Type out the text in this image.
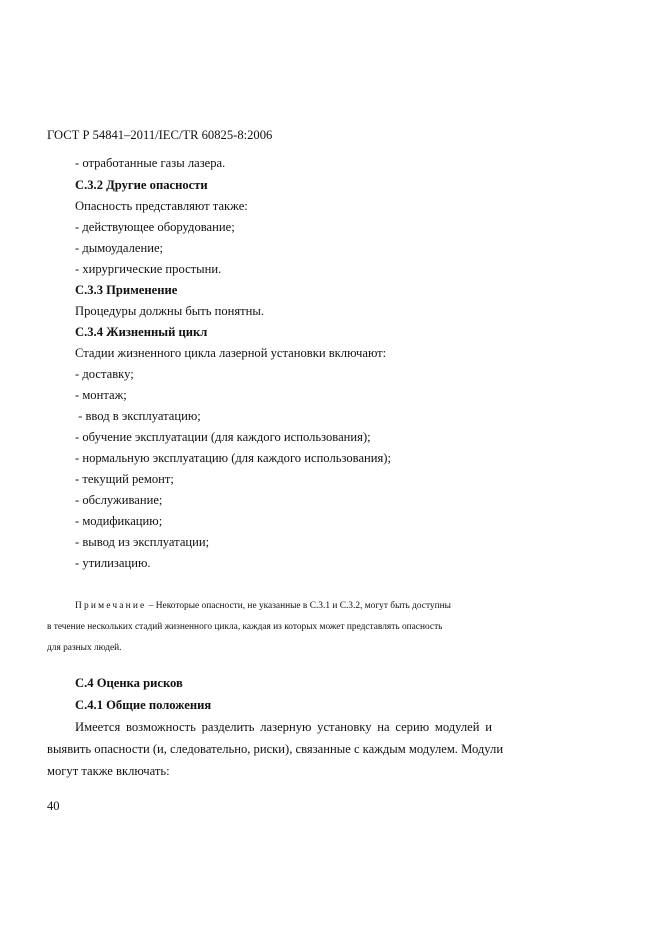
ГОСТ Р 54841–2011/IEC/TR 60825-8:2006
- отработанные газы лазера.
С.3.2 Другие опасности
Опасность представляют также:
- действующее оборудование;
- дымоудаление;
- хирургические простыни.
С.3.3 Применение
Процедуры должны быть понятны.
С.3.4 Жизненный цикл
Стадии жизненного цикла лазерной установки включают:
- доставку;
- монтаж;
- ввод в эксплуатацию;
- обучение эксплуатации (для каждого использования);
- нормальную эксплуатацию (для каждого использования);
- текущий ремонт;
- обслуживание;
- модификацию;
- вывод из эксплуатации;
- утилизацию.
Примечание – Некоторые опасности, не указанные в С.3.1 и С.3.2, могут быть доступны
в течение нескольких стадий жизненного цикла, каждая из которых может представлять опасность
для разных людей.
С.4 Оценка рисков
С.4.1 Общие положения
Имеется возможность разделить лазерную установку на серию модулей и
выявить опасности (и, следовательно, риски), связанные с каждым модулем. Модули
могут также включать:
40
